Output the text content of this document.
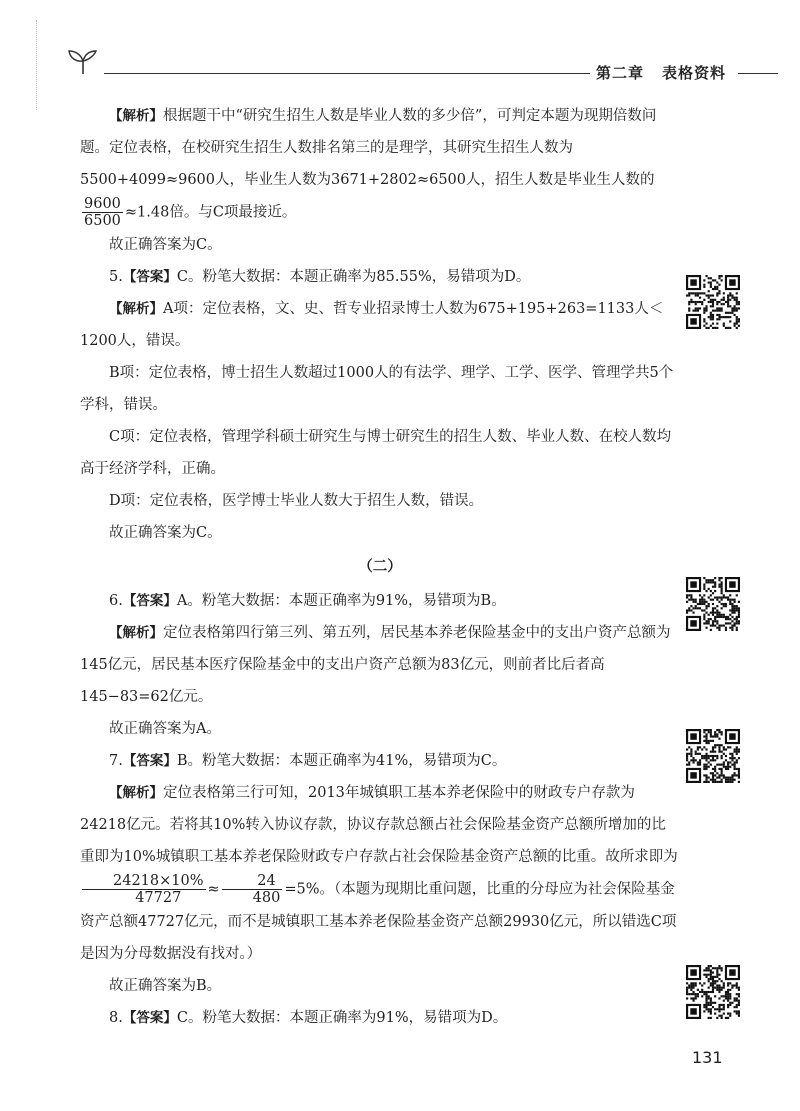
第二章 表格资料

【解析】根据题干中“研究生招生人数是毕业人数的多少倍”，可判定本题为现期倍数问题。定位表格，在校研究生招生人数排名第三的是理学，其研究生招生人数为5500+4099≈9600人，毕业生人数为3671+2802≈6500人，招生人数是毕业生人数的

$\frac{9600}{6500} \approx 1.48$倍。与C项最接近。

故正确答案为C。

5.【答案】C。粉笔大数据：本题正确率为85.55%，易错项为D。

【解析】A项：定位表格，文、史、哲专业招录博士人数为675+195+263=1133人＜1200人，错误。

B项：定位表格，博士招生人数超过1000人的有法学、理学、工学、医学、管理学共5个学科，错误。

C项：定位表格，管理学科硕士研究生与博士研究生的招生人数、毕业人数、在校人数均高于经济学科，正确。

D项：定位表格，医学博士毕业人数大于招生人数，错误。

故正确答案为C。

（二）

6.【答案】A。粉笔大数据：本题正确率为91%，易错项为B。

【解析】定位表格第四行第三列、第五列，居民基本养老保险基金中的支出户资产总额为145亿元，居民基本医疗保险基金中的支出户资产总额为83亿元，则前者比后者高145−83=62亿元。

故正确答案为A。

7.【答案】B。粉笔大数据：本题正确率为41%，易错项为C。

【解析】定位表格第三行可知，2013年城镇职工基本养老保险中的财政专户存款为24218亿元。若将其10%转入协议存款，协议存款总额占社会保险基金资产总额所增加的比重即为10%城镇职工基本养老保险财政专户存款占社会保险基金资产总额的比重。故所求即为
$\frac{24218\times 10\%}{47727} \approx \frac{24}{480} =5\%$。（本题为现期比重问题，比重的分母应为社会保险基金资产总额47727亿元，而不是城镇职工基本养老保险基金资产总额29930亿元，所以错选C项是因为分母数据没有找对。）

故正确答案为B。

8.【答案】C。粉笔大数据：本题正确率为91%，易错项为D。

131
